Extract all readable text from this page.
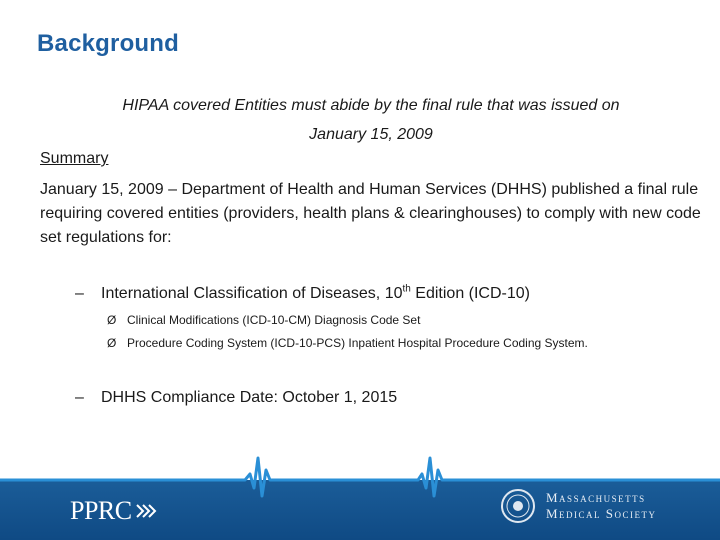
Background
HIPAA covered Entities must abide by the final rule that was issued on
January 15, 2009
Summary
January 15, 2009 – Department of Health and Human Services (DHHS) published a final rule requiring covered entities (providers, health plans & clearinghouses) to comply with new code set regulations for:
– International Classification of Diseases, 10th Edition (ICD-10)
Ø Clinical Modifications (ICD-10-CM) Diagnosis Code Set
Ø Procedure Coding System (ICD-10-PCS) Inpatient Hospital Procedure Coding System.
– DHHS Compliance Date: October 1, 2015
PPRC	Massachusetts
Medical Society
